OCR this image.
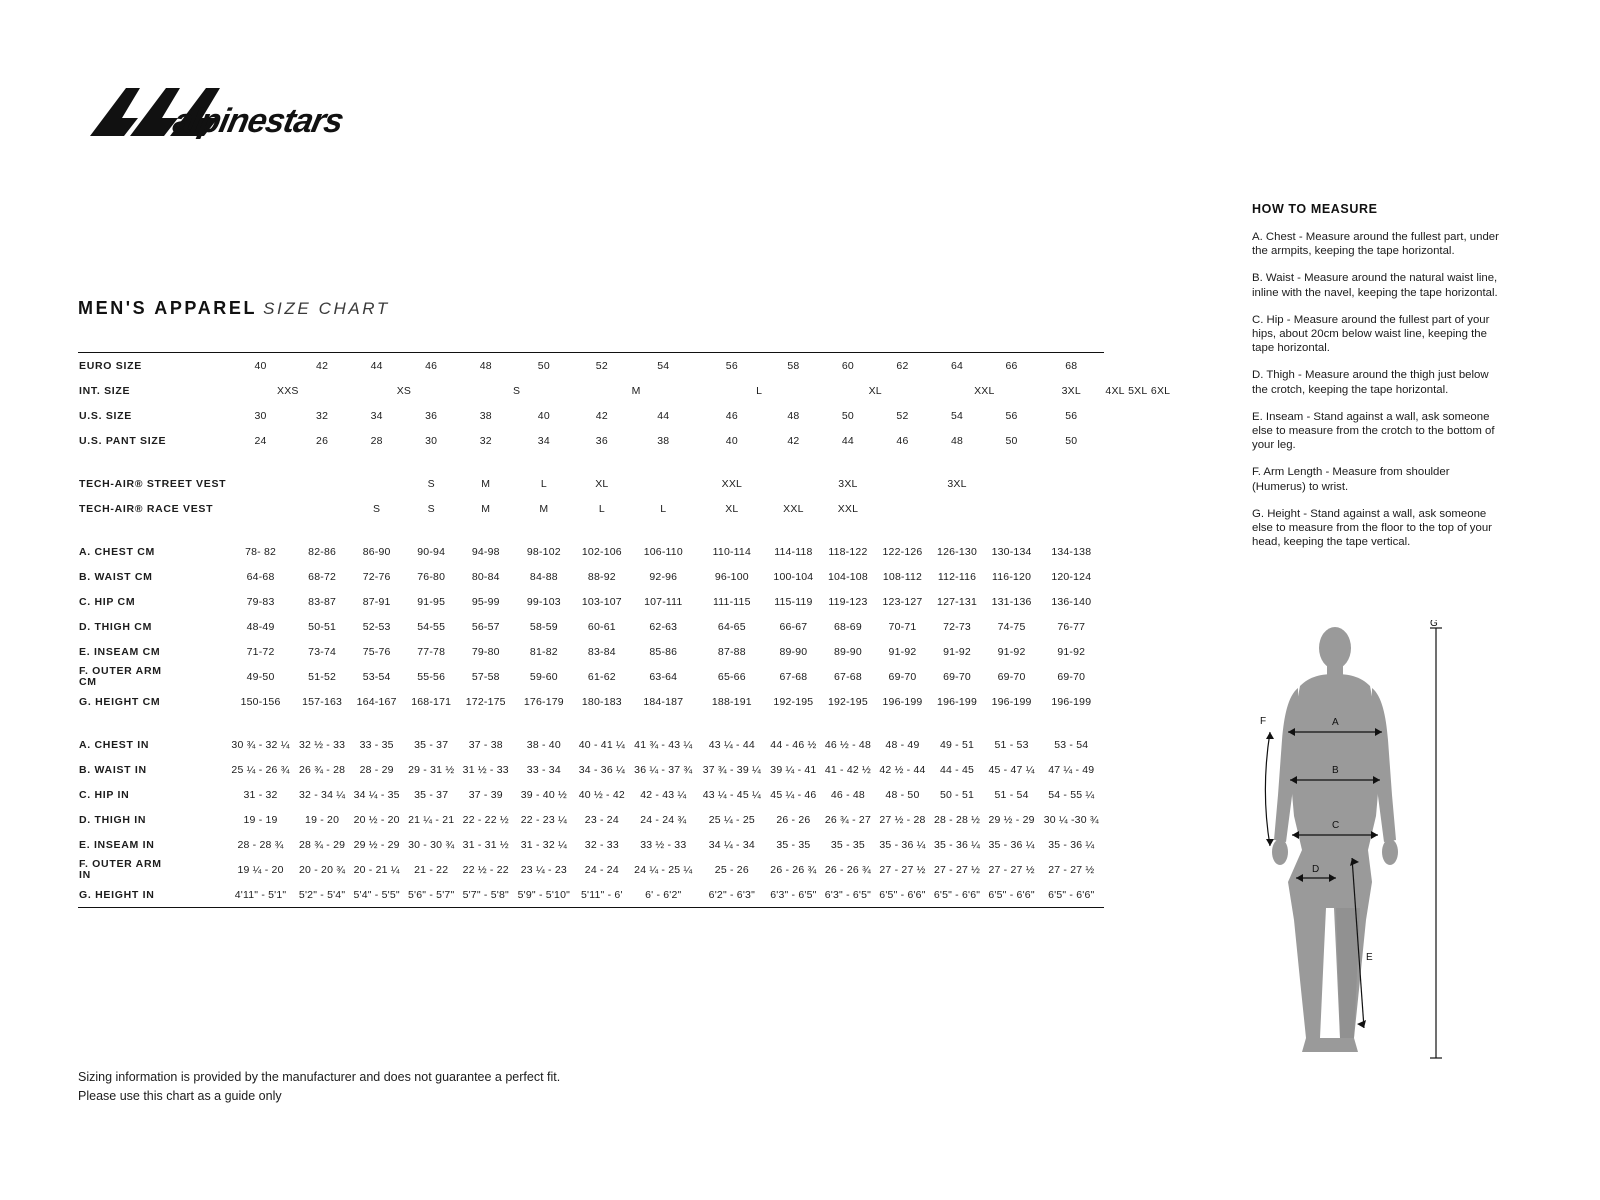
alpinestars
MEN'S APPAREL SIZE CHART
EURO SIZE	40	42	44	46	48	50	52	54	56	58	60	62	64	66	68			
INT. SIZE	XXS		XS		S		M		L		XL		XXL		3XL	4XL	5XL	6XL
U.S. SIZE	30	32	34	36	38	40	42	44	46	48	50	52	54	56	56			
U.S. PANT SIZE	24	26	28	30	32	34	36	38	40	42	44	46	48	50	50			

TECH-AIR® STREET VEST				S	M	L	XL		XXL		3XL		3XL					
TECH-AIR® RACE VEST			S	S	M	M	L	L	XL	XXL	XXL							

A. CHEST CM	78- 82	82-86	86-90	90-94	94-98	98-102	102-106	106-110	110-114	114-118	118-122	122-126	126-130	130-134	134-138			
B. WAIST CM	64-68	68-72	72-76	76-80	80-84	84-88	88-92	92-96	96-100	100-104	104-108	108-112	112-116	116-120	120-124			
C. HIP CM	79-83	83-87	87-91	91-95	95-99	99-103	103-107	107-111	111-115	115-119	119-123	123-127	127-131	131-136	136-140			
D. THIGH CM	48-49	50-51	52-53	54-55	56-57	58-59	60-61	62-63	64-65	66-67	68-69	70-71	72-73	74-75	76-77			
E. INSEAM CM	71-72	73-74	75-76	77-78	79-80	81-82	83-84	85-86	87-88	89-90	89-90	91-92	91-92	91-92	91-92			
F. OUTER ARM
CM	49-50	51-52	53-54	55-56	57-58	59-60	61-62	63-64	65-66	67-68	67-68	69-70	69-70	69-70	69-70			
G. HEIGHT CM	150-156	157-163	164-167	168-171	172-175	176-179	180-183	184-187	188-191	192-195	192-195	196-199	196-199	196-199	196-199			

A. CHEST IN	30 ¾ - 32 ¼	32 ½ - 33	33 - 35	35 - 37	37 - 38	38 - 40	40 - 41 ¼	41 ¾ - 43 ¼	43 ¼ - 44	44 - 46 ½	46 ½ - 48	48 - 49	49 - 51	51 - 53	53 - 54			
B. WAIST IN	25 ¼ - 26 ¾	26 ¾ - 28	28 - 29	29 - 31 ½	31 ½ - 33	33 - 34	34 - 36 ¼	36 ¼ - 37 ¾	37 ¾ - 39 ¼	39 ¼ - 41	41 - 42 ½	42 ½ - 44	44 - 45	45 - 47 ¼	47 ¼ - 49			
C. HIP IN	31 - 32	32 - 34 ¼	34 ¼ - 35	35 - 37	37 - 39	39 - 40 ½	40 ½ - 42	42 - 43 ¼	43 ¼ - 45 ¼	45 ¼ - 46	46 - 48	48 - 50	50 - 51	51 - 54	54 - 55 ¼			
D. THIGH IN	19 - 19	19 - 20	20 ½ - 20	21 ¼ - 21	22 - 22 ½	22 - 23 ¼	23 - 24	24 - 24 ¾	25 ¼ - 25	26 - 26	26 ¾ - 27	27 ½ - 28	28 - 28 ½	29 ½ - 29	30 ¼ -30 ¾			
E. INSEAM IN	28 - 28 ¾	28 ¾ - 29	29 ½ - 29	30 - 30 ¾	31 - 31 ½	31 - 32 ¼	32 - 33	33 ½ - 33	34 ¼ - 34	35 - 35	35 - 35	35 - 36 ¼	35 - 36 ¼	35 - 36 ¼	35 - 36 ¼			
F. OUTER ARM
IN	19 ¼ - 20	20 - 20 ¾	20 - 21 ¼	21 - 22	22 ½ - 22	23 ¼ - 23	24 - 24	24 ¼ - 25 ¼	25 - 26	26 - 26 ¾	26 - 26 ¾	27 - 27 ½	27 - 27 ½	27 - 27 ½	27 - 27 ½			
G. HEIGHT IN	4'11" - 5'1"	5'2" - 5'4"	5'4" - 5'5"	5'6" - 5'7"	5'7" - 5'8"	5'9" - 5'10"	5'11" - 6'	6' - 6'2"	6'2" - 6'3"	6'3" - 6'5"	6'3" - 6'5"	6'5" - 6'6"	6'5" - 6'6"	6'5" - 6'6"	6'5" - 6'6"			
HOW TO MEASURE

A. Chest - Measure around the fullest part, under the armpits, keeping the tape horizontal.

B. Waist - Measure around the natural waist line, inline with the navel, keeping the tape horizontal.

C. Hip - Measure around the fullest part of your hips, about 20cm below waist line, keeping the tape horizontal.

D. Thigh - Measure around the thigh just below the crotch, keeping the tape horizontal.

E. Inseam - Stand against a wall, ask someone else to measure from the crotch to the bottom of your leg.

F. Arm Length - Measure from shoulder (Humerus) to wrist.

G. Height - Stand against a wall, ask someone else to measure from the floor to the top of your head, keeping the tape vertical.

A
B
C
D
E
F
G
Sizing information is provided by the manufacturer and does not guarantee a perfect fit.
Please use this chart as a guide only
